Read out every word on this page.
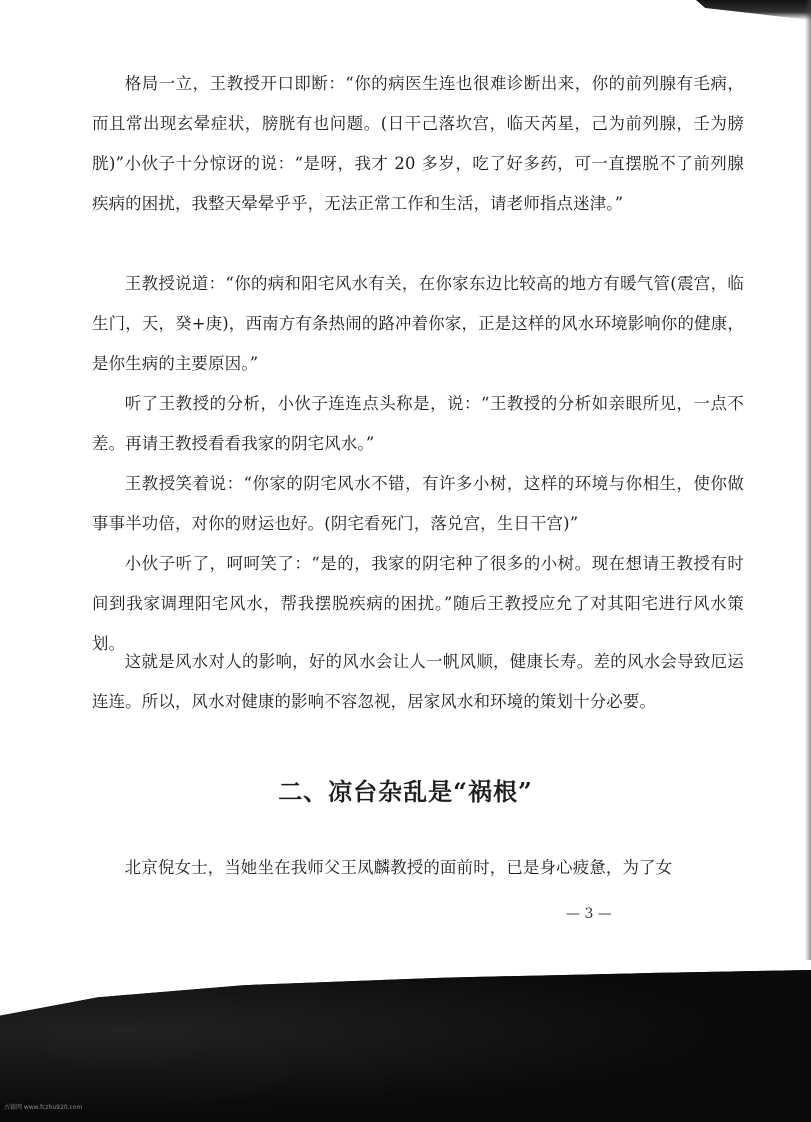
格局一立，王教授开口即断：“你的病医生连也很难诊断出来，你的前列腺有毛病，而且常出现玄晕症状，膀胱有也问题。(日干己落坎宫，临天芮星，己为前列腺，壬为膀胱)”小伙子十分惊讶的说：“是呀，我才 20 多岁，吃了好多药，可一直摆脱不了前列腺疾病的困扰，我整天晕晕乎乎，无法正常工作和生活，请老师指点迷津。”

王教授说道：“你的病和阳宅风水有关，在你家东边比较高的地方有暖气管(震宫，临生门，天，癸+庚)，西南方有条热闹的路冲着你家，正是这样的风水环境影响你的健康，是你生病的主要原因。”

听了王教授的分析，小伙子连连点头称是，说：“王教授的分析如亲眼所见，一点不差。再请王教授看看我家的阴宅风水。”

王教授笑着说：“你家的阴宅风水不错，有许多小树，这样的环境与你相生，使你做事事半功倍，对你的财运也好。(阴宅看死门，落兑宫，生日干宫)”

小伙子听了，呵呵笑了：“是的，我家的阴宅种了很多的小树。现在想请王教授有时间到我家调理阳宅风水，帮我摆脱疾病的困扰。”随后王教授应允了对其阳宅进行风水策划。

这就是风水对人的影响，好的风水会让人一帆风顺，健康长寿。差的风水会导致厄运连连。所以，风水对健康的影响不容忽视，居家风水和环境的策划十分必要。

二、凉台杂乱是“祸根”

北京倪女士，当她坐在我师父王凤麟教授的面前时，已是身心疲惫，为了女

— 3 —
古籍网 www.fczhu920.com
